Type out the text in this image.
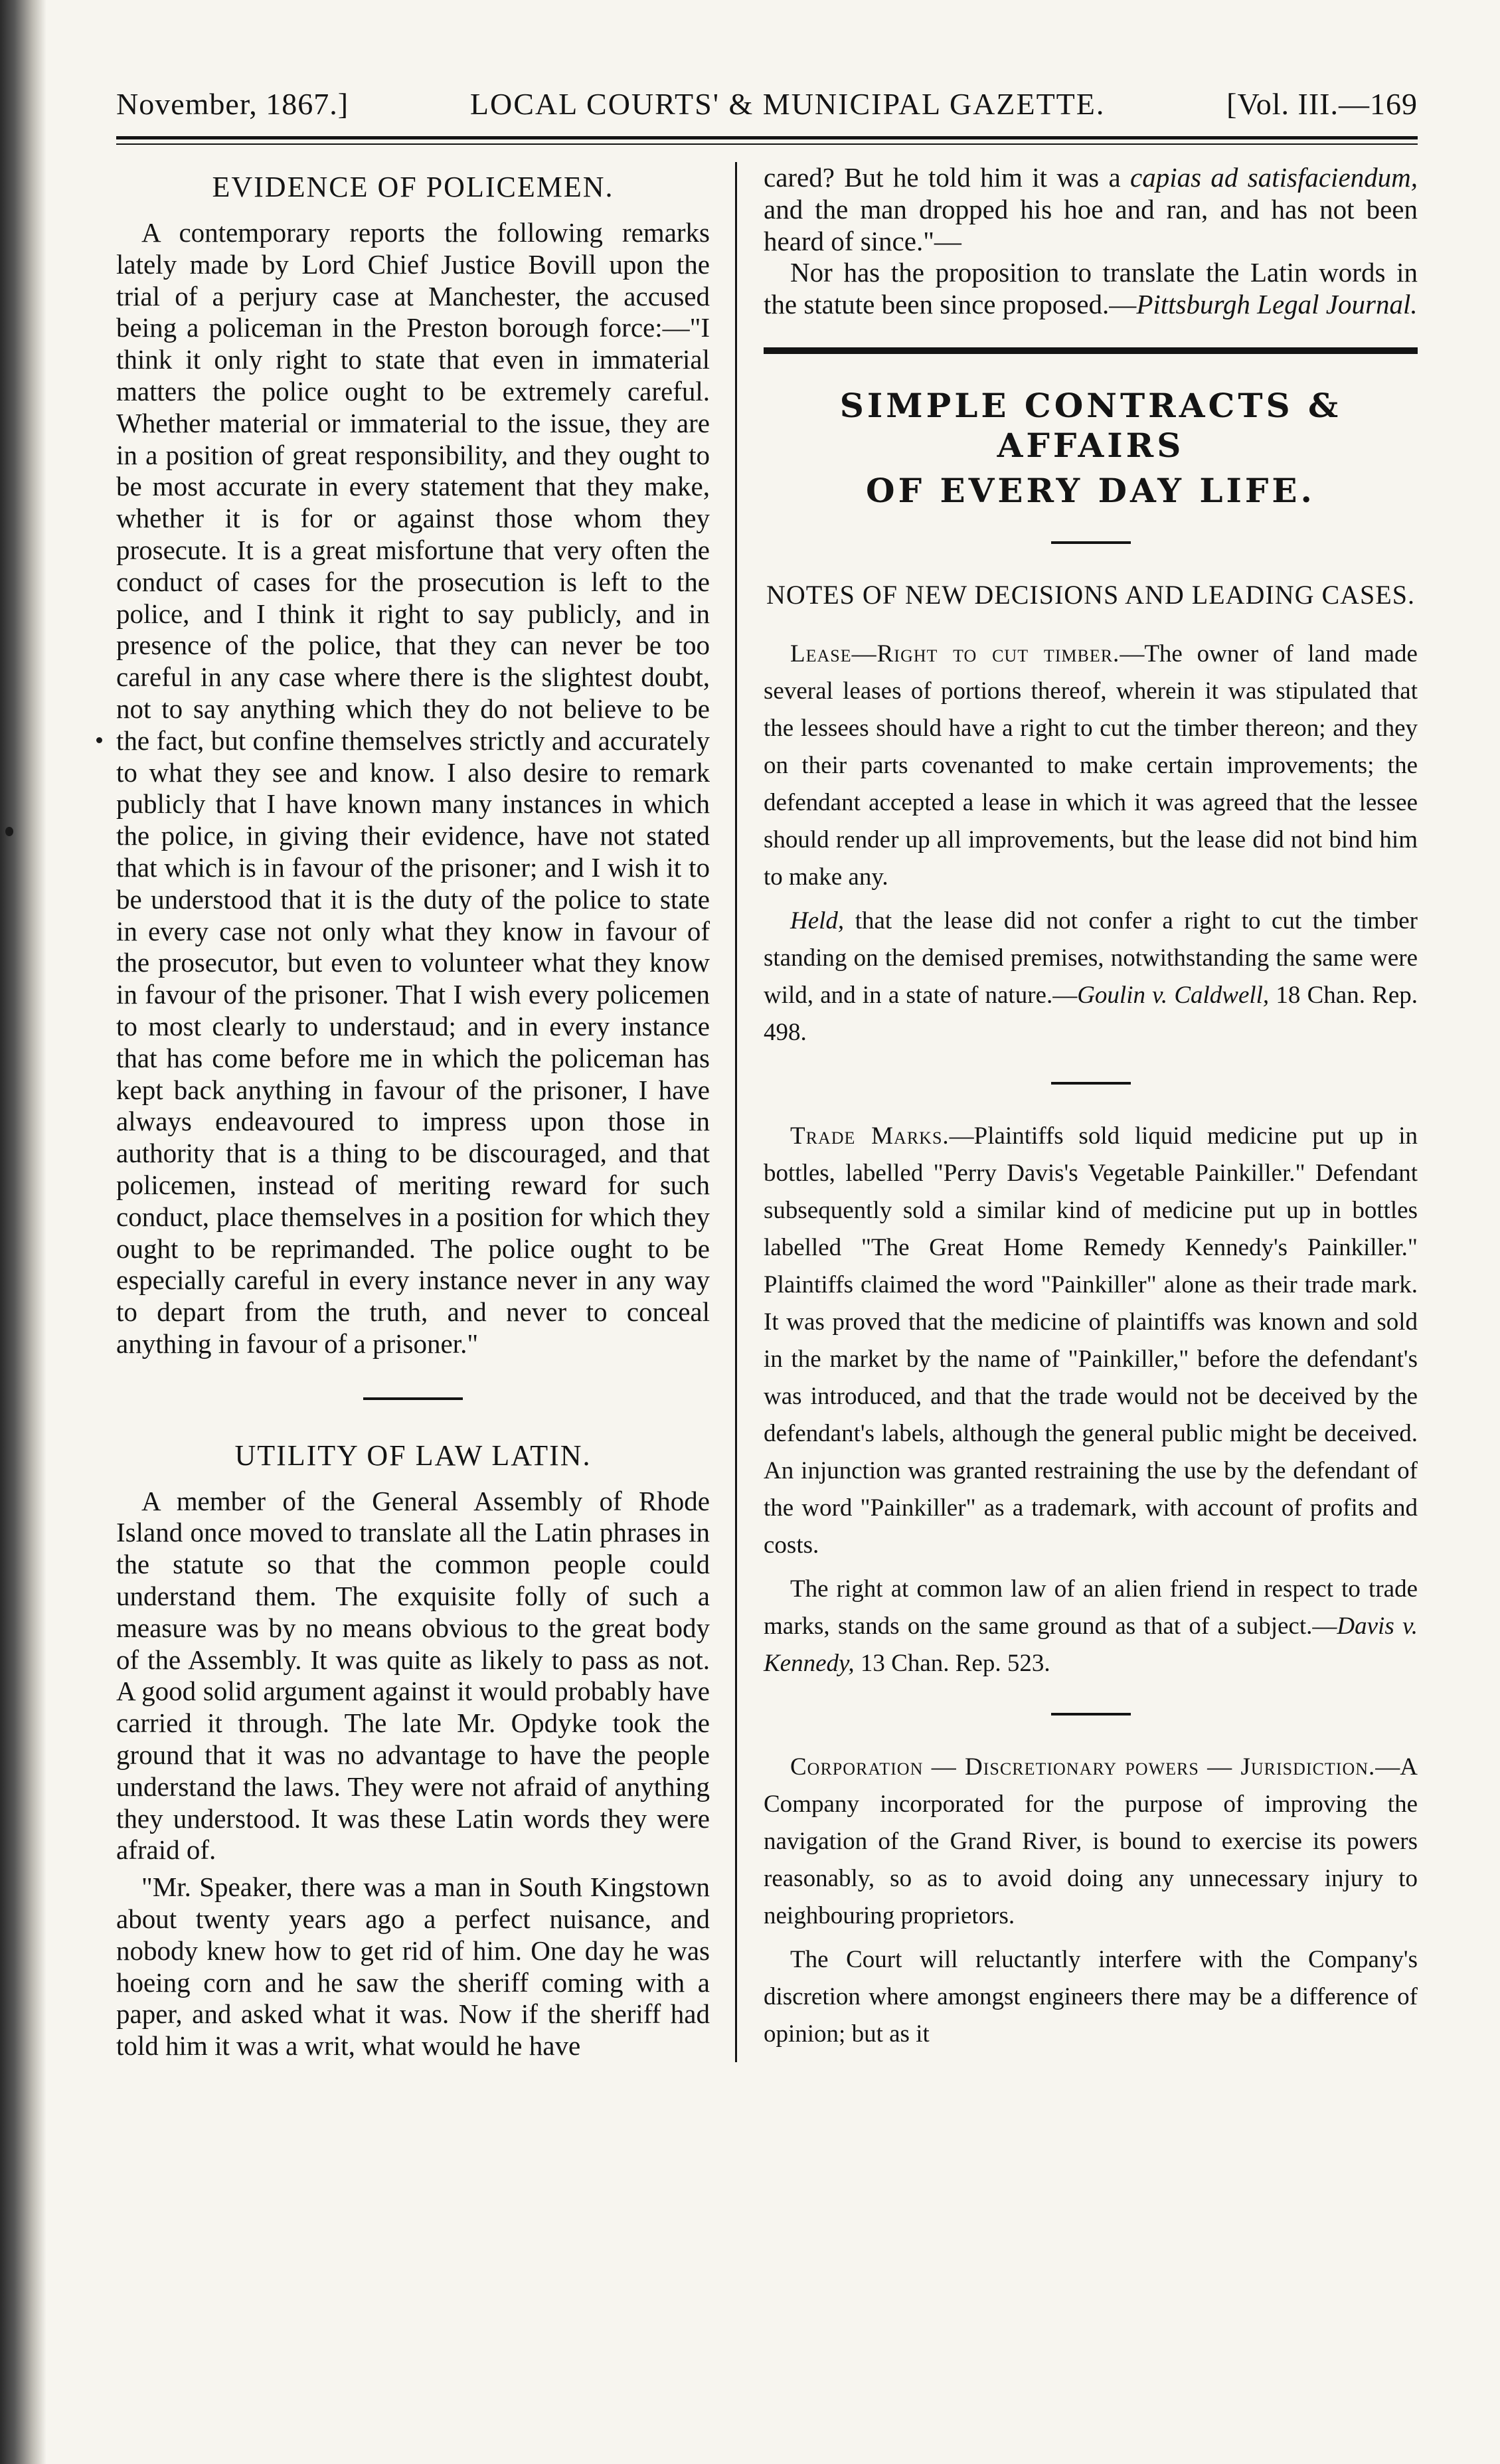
November, 1867.]	LOCAL COURTS' & MUNICIPAL GAZETTE.	[Vol. III.—169
EVIDENCE OF POLICEMEN.

A contemporary reports the following remarks lately made by Lord Chief Justice Bovill upon the trial of a perjury case at Manchester, the accused being a policeman in the Preston borough force:—"I think it only right to state that even in immaterial matters the police ought to be extremely careful. Whether material or immaterial to the issue, they are in a position of great responsibility, and they ought to be most accurate in every statement that they make, whether it is for or against those whom they prosecute. It is a great misfortune that very often the conduct of cases for the prosecution is left to the police, and I think it right to say publicly, and in presence of the police, that they can never be too careful in any case where there is the slightest doubt, not to say anything which they do not believe to be the fact, but confine themselves strictly and accurately to what they see and know. I also desire to remark publicly that I have known many instances in which the police, in giving their evidence, have not stated that which is in favour of the prisoner; and I wish it to be understood that it is the duty of the police to state in every case not only what they know in favour of the prosecutor, but even to volunteer what they know in favour of the prisoner. That I wish every policemen to most clearly to understaud; and in every instance that has come before me in which the policeman has kept back anything in favour of the prisoner, I have always endeavoured to impress upon those in authority that is a thing to be discouraged, and that policemen, instead of meriting reward for such conduct, place themselves in a position for which they ought to be reprimanded. The police ought to be especially careful in every instance never in any way to depart from the truth, and never to conceal anything in favour of a prisoner."

UTILITY OF LAW LATIN.

A member of the General Assembly of Rhode Island once moved to translate all the Latin phrases in the statute so that the common people could understand them. The exquisite folly of such a measure was by no means obvious to the great body of the Assembly. It was quite as likely to pass as not. A good solid argument against it would probably have carried it through. The late Mr. Opdyke took the ground that it was no advantage to have the people understand the laws. They were not afraid of anything they understood. It was these Latin words they were afraid of.

"Mr. Speaker, there was a man in South Kingstown about twenty years ago a perfect nuisance, and nobody knew how to get rid of him. One day he was hoeing corn and he saw the sheriff coming with a paper, and asked what it was. Now if the sheriff had told him it was a writ, what would he have

cared? But he told him it was a capias ad satisfaciendum, and the man dropped his hoe and ran, and has not been heard of since."—

Nor has the proposition to translate the Latin words in the statute been since proposed.—Pittsburgh Legal Journal.

SIMPLE CONTRACTS & AFFAIRS
OF EVERY DAY LIFE.
NOTES OF NEW DECISIONS AND LEADING CASES.

Lease—Right to cut timber.—The owner of land made several leases of portions thereof, wherein it was stipulated that the lessees should have a right to cut the timber thereon; and they on their parts covenanted to make certain improvements; the defendant accepted a lease in which it was agreed that the lessee should render up all improvements, but the lease did not bind him to make any.

Held, that the lease did not confer a right to cut the timber standing on the demised premises, notwithstanding the same were wild, and in a state of nature.—Goulin v. Caldwell, 18 Chan. Rep. 498.

Trade Marks.—Plaintiffs sold liquid medicine put up in bottles, labelled "Perry Davis's Vegetable Painkiller." Defendant subsequently sold a similar kind of medicine put up in bottles labelled "The Great Home Remedy Kennedy's Painkiller." Plaintiffs claimed the word "Painkiller" alone as their trade mark. It was proved that the medicine of plaintiffs was known and sold in the market by the name of "Painkiller," before the defendant's was introduced, and that the trade would not be deceived by the defendant's labels, although the general public might be deceived. An injunction was granted restraining the use by the defendant of the word "Painkiller" as a trademark, with account of profits and costs.

The right at common law of an alien friend in respect to trade marks, stands on the same ground as that of a subject.—Davis v. Kennedy, 13 Chan. Rep. 523.

Corporation — Discretionary powers — Jurisdiction.—A Company incorporated for the purpose of improving the navigation of the Grand River, is bound to exercise its powers reasonably, so as to avoid doing any unnecessary injury to neighbouring proprietors.

The Court will reluctantly interfere with the Company's discretion where amongst engineers there may be a difference of opinion; but as it
